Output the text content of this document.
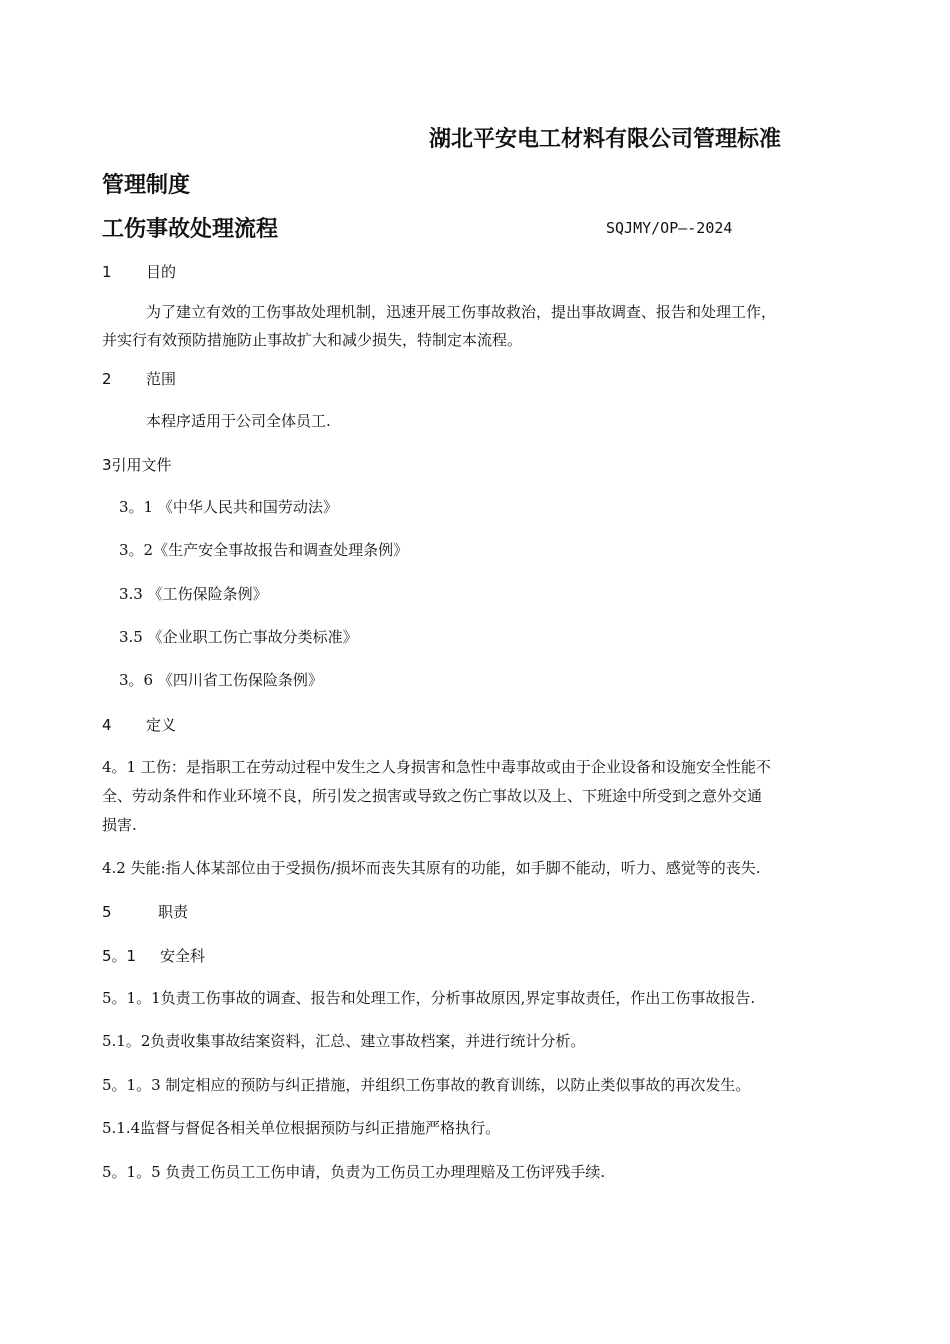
湖北平安电工材料有限公司管理标准
管理制度
工伤事故处理流程	SQJMY/OP—-2024
1 目的
为了建立有效的工伤事故处理机制，迅速开展工伤事故救治，提出事故调查、报告和处理工作，
并实行有效预防措施防止事故扩大和减少损失，特制定本流程。
2 范围
本程序适用于公司全体员工.
3引用文件
3。1 《中华人民共和国劳动法》
3。2《生产安全事故报告和调查处理条例》
3.3 《工伤保险条例》
3.5 《企业职工伤亡事故分类标准》
3。6 《四川省工伤保险条例》
4 定义
4。1 工伤：是指职工在劳动过程中发生之人身损害和急性中毒事故或由于企业设备和设施安全性能不
全、劳动条件和作业环境不良，所引发之损害或导致之伤亡事故以及上、下班途中所受到之意外交通
损害.
4.2 失能:指人体某部位由于受损伤/损坏而丧失其原有的功能，如手脚不能动，听力、感觉等的丧失.
5	职责
5。1 安全科
5。1。1负责工伤事故的调查、报告和处理工作，分析事故原因,界定事故责任，作出工伤事故报告.
5.1。2负责收集事故结案资料，汇总、建立事故档案，并进行统计分析。
5。1。3 制定相应的预防与纠正措施，并组织工伤事故的教育训练，以防止类似事故的再次发生。
5.1.4监督与督促各相关单位根据预防与纠正措施严格执行。
5。1。5 负责工伤员工工伤申请，负责为工伤员工办理理赔及工伤评残手续.
